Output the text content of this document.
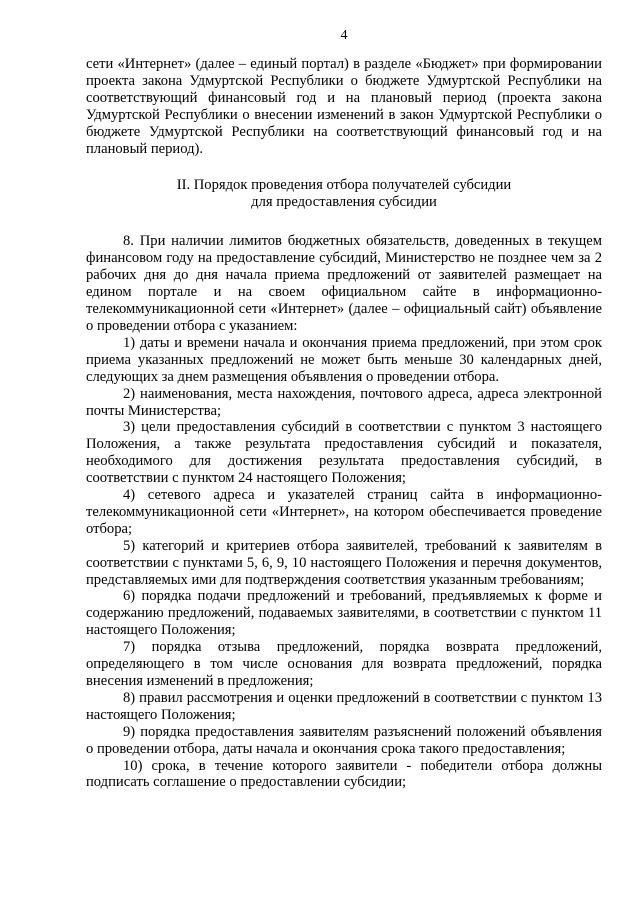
4

сети «Интернет» (далее – единый портал) в разделе «Бюджет» при формировании проекта закона Удмуртской Республики о бюджете Удмуртской Республики на соответствующий финансовый год и на плановый период (проекта закона Удмуртской Республики о внесении изменений в закон Удмуртской Республики о бюджете Удмуртской Республики на соответствующий финансовый год и на плановый период).

II. Порядок проведения отбора получателей субсидии
для предоставления субсидии

8. При наличии лимитов бюджетных обязательств, доведенных в текущем финансовом году на предоставление субсидий, Министерство не позднее чем за 2 рабочих дня до дня начала приема предложений от заявителей размещает на едином портале и на своем официальном сайте в информационно-телекоммуникационной сети «Интернет» (далее – официальный сайт) объявление о проведении отбора с указанием:

1) даты и времени начала и окончания приема предложений, при этом срок приема указанных предложений не может быть меньше 30 календарных дней, следующих за днем размещения объявления о проведении отбора.

2) наименования, места нахождения, почтового адреса, адреса электронной почты Министерства;

3) цели предоставления субсидий в соответствии с пунктом 3 настоящего Положения, а также результата предоставления субсидий и показателя, необходимого для достижения результата предоставления субсидий, в соответствии с пунктом 24 настоящего Положения;

4) сетевого адреса и указателей страниц сайта в информационно-телекоммуникационной сети «Интернет», на котором обеспечивается проведение отбора;

5) категорий и критериев отбора заявителей, требований к заявителям в соответствии с пунктами 5, 6, 9, 10 настоящего Положения и перечня документов, представляемых ими для подтверждения соответствия указанным требованиям;

6) порядка подачи предложений и требований, предъявляемых к форме и содержанию предложений, подаваемых заявителями, в соответствии с пунктом 11 настоящего Положения;

7) порядка отзыва предложений, порядка возврата предложений, определяющего в том числе основания для возврата предложений, порядка внесения изменений в предложения;

8) правил рассмотрения и оценки предложений в соответствии с пунктом 13 настоящего Положения;

9) порядка предоставления заявителям разъяснений положений объявления о проведении отбора, даты начала и окончания срока такого предоставления;

10) срока, в течение которого заявители - победители отбора должны подписать соглашение о предоставлении субсидии;
